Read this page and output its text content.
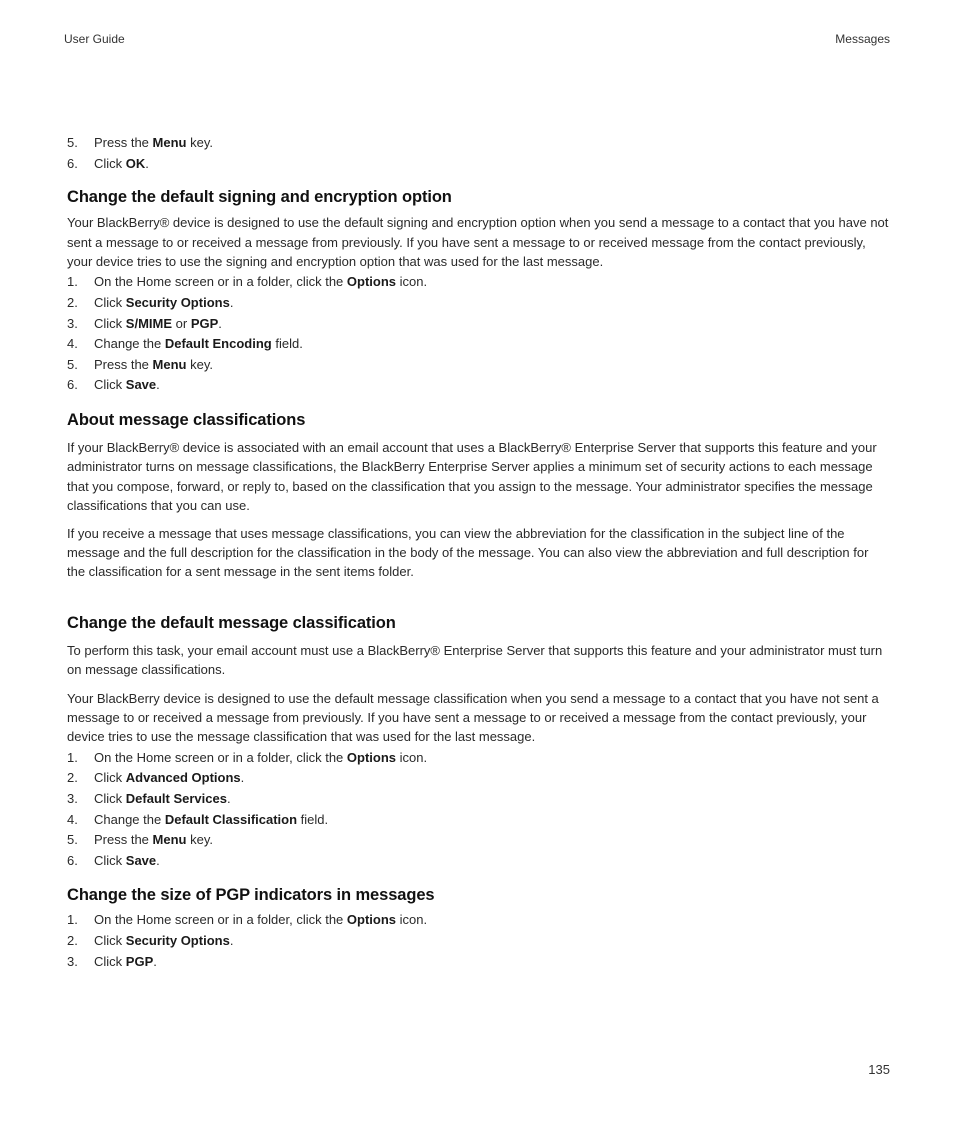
User Guide	Messages
5.	Press the Menu key.
6.	Click OK.
Change the default signing and encryption option

Your BlackBerry® device is designed to use the default signing and encryption option when you send a message to a contact that you have not sent a message to or received a message from previously. If you have sent a message to or received message from the contact previously, your device tries to use the signing and encryption option that was used for the last message.

1.	On the Home screen or in a folder, click the Options icon.
2.	Click Security Options.
3.	Click S/MIME or PGP.
4.	Change the Default Encoding field.
5.	Press the Menu key.
6.	Click Save.
About message classifications

If your BlackBerry® device is associated with an email account that uses a BlackBerry® Enterprise Server that supports this feature and your administrator turns on message classifications, the BlackBerry Enterprise Server applies a minimum set of security actions to each message that you compose, forward, or reply to, based on the classification that you assign to the message. Your administrator specifies the message classifications that you can use.

If you receive a message that uses message classifications, you can view the abbreviation for the classification in the subject line of the message and the full description for the classification in the body of the message. You can also view the abbreviation and full description for the classification for a sent message in the sent items folder.

Change the default message classification

To perform this task, your email account must use a BlackBerry® Enterprise Server that supports this feature and your administrator must turn on message classifications.

Your BlackBerry device is designed to use the default message classification when you send a message to a contact that you have not sent a message to or received a message from previously. If you have sent a message to or received a message from the contact previously, your device tries to use the message classification that was used for the last message.

1.	On the Home screen or in a folder, click the Options icon.
2.	Click Advanced Options.
3.	Click Default Services.
4.	Change the Default Classification field.
5.	Press the Menu key.
6.	Click Save.
Change the size of PGP indicators in messages
1.	On the Home screen or in a folder, click the Options icon.
2.	Click Security Options.
3.	Click PGP.
135
